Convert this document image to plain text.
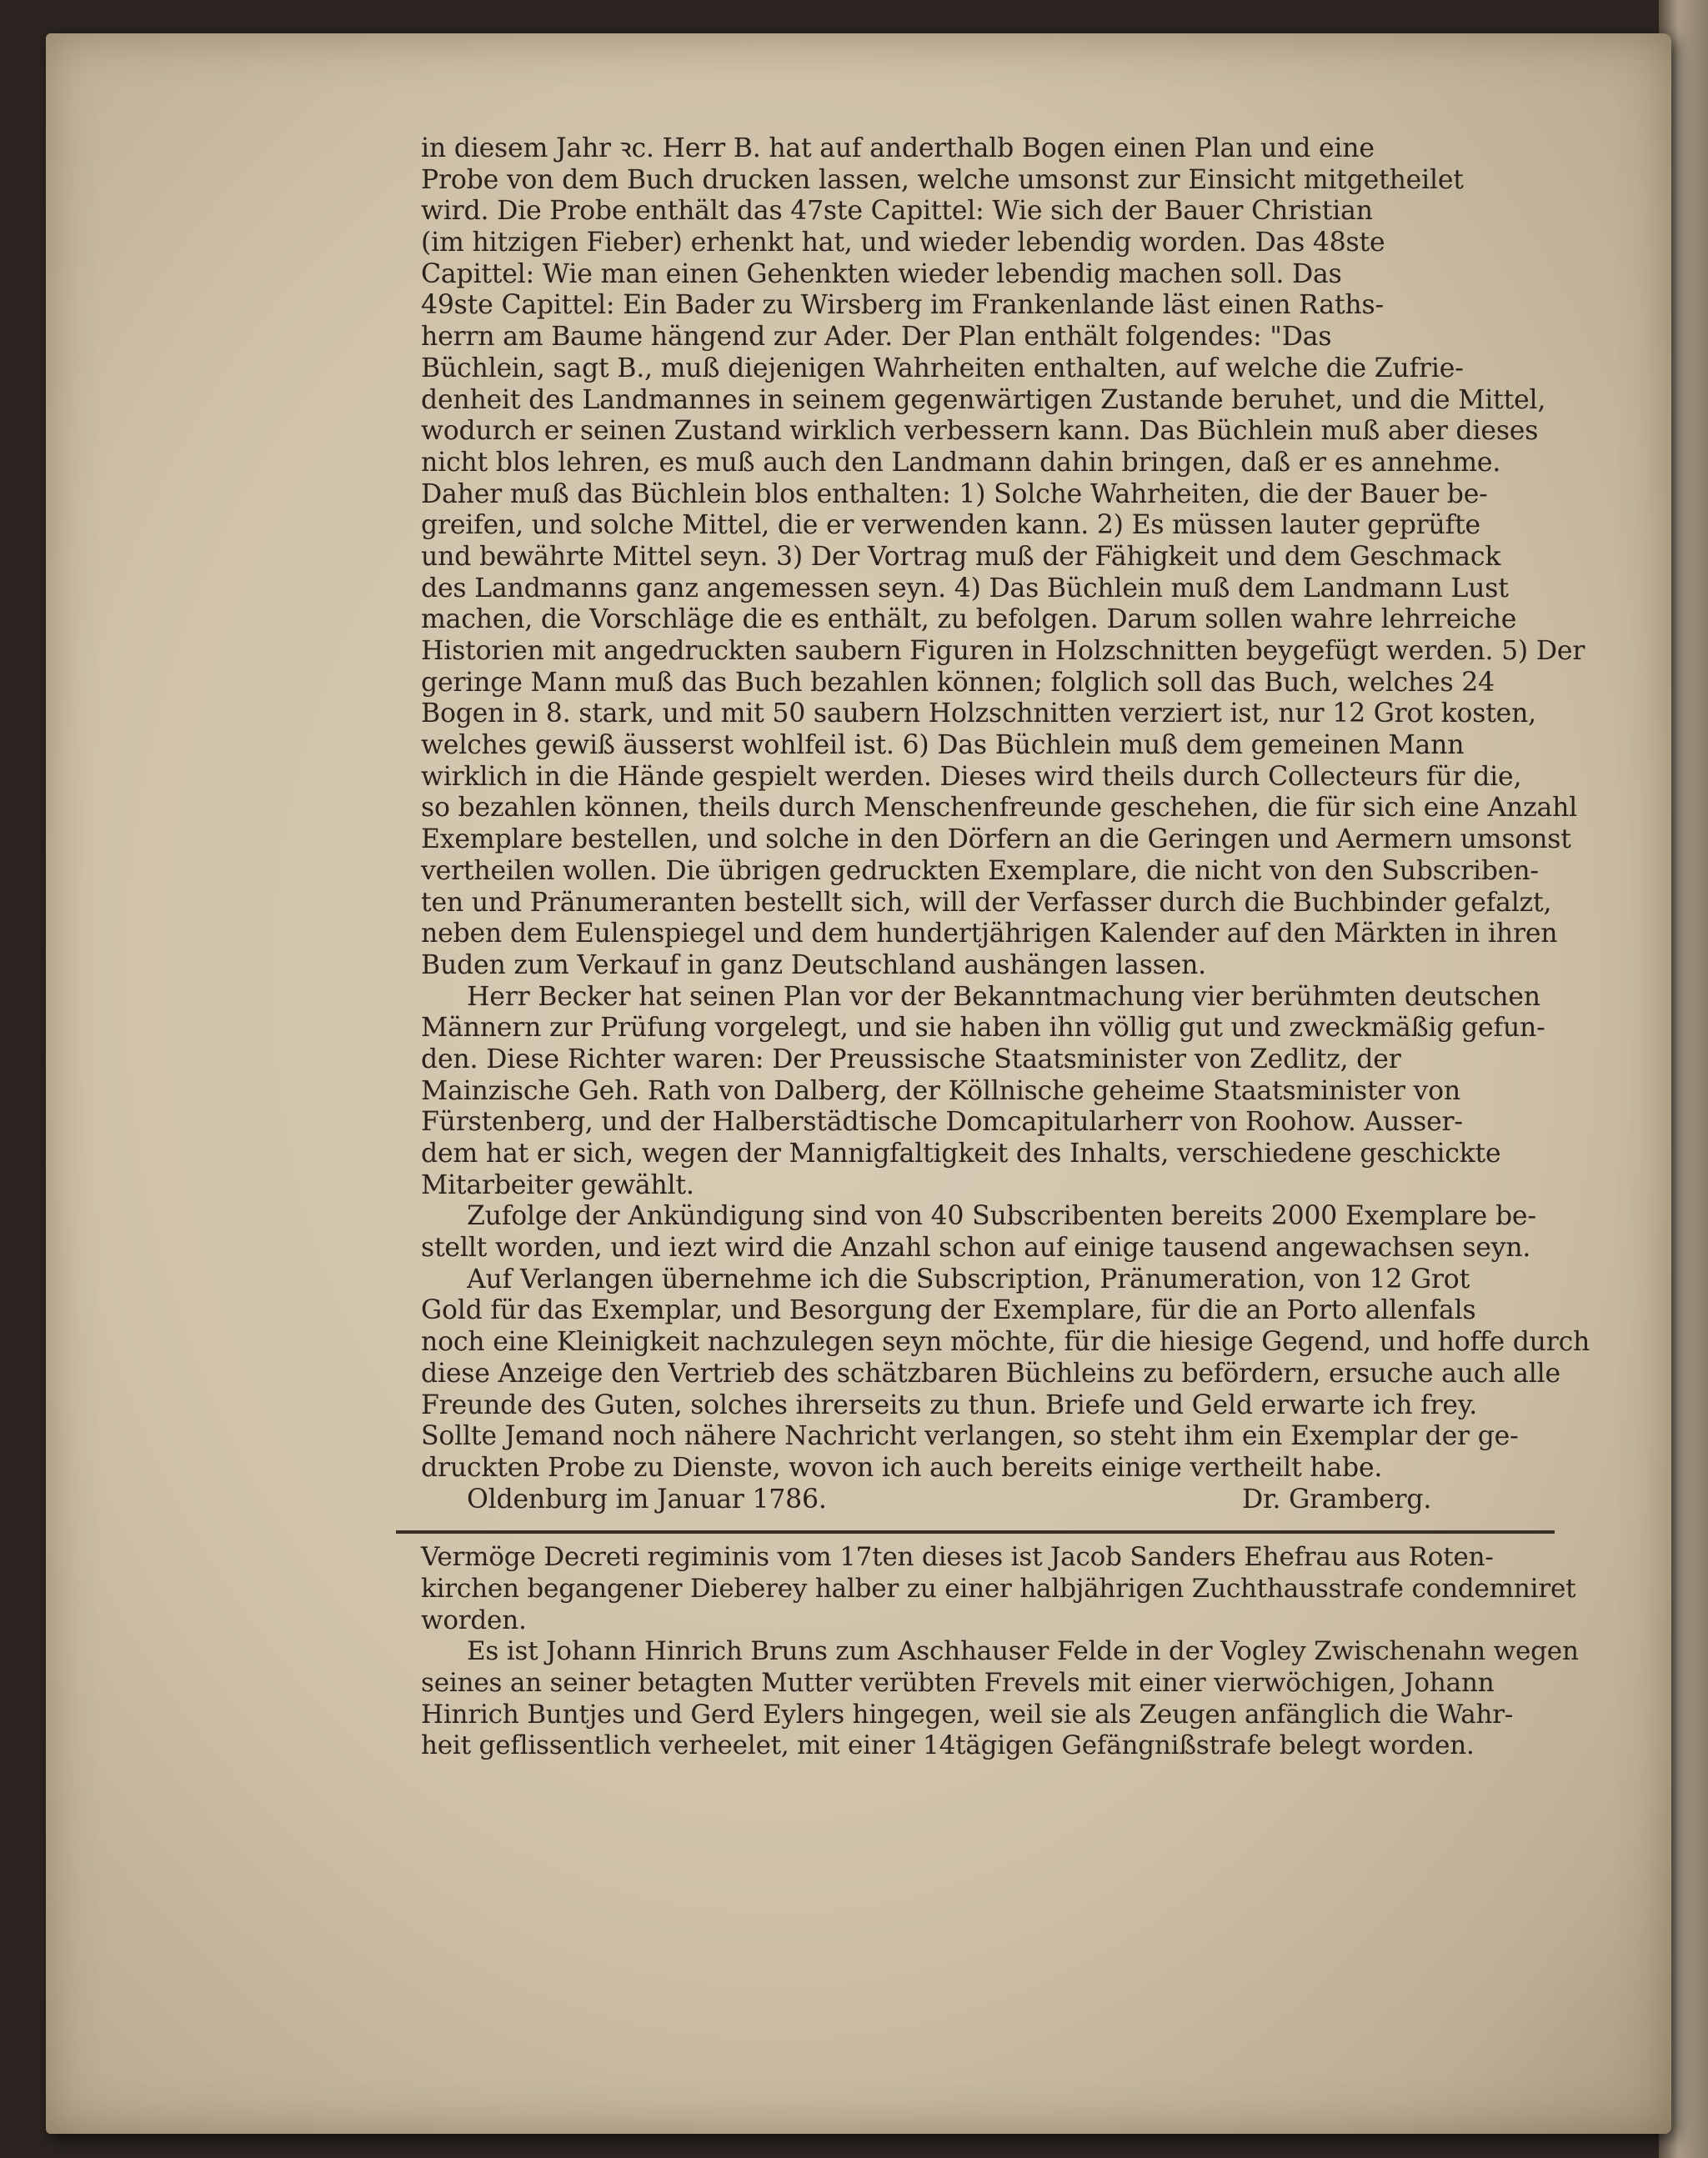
in diesem Jahr ꝛc. Herr B. hat auf anderthalb Bogen einen Plan und eine
Probe von dem Buch drucken lassen, welche umsonst zur Einsicht mitgetheilet
wird. Die Probe enthält das 47ste Capittel: Wie sich der Bauer Christian
(im hitzigen Fieber) erhenkt hat, und wieder lebendig worden. Das 48ste
Capittel: Wie man einen Gehenkten wieder lebendig machen soll. Das
49ste Capittel: Ein Bader zu Wirsberg im Frankenlande läst einen Raths-
herrn am Baume hängend zur Ader. Der Plan enthält folgendes: "Das
Büchlein, sagt B., muß diejenigen Wahrheiten enthalten, auf welche die Zufrie-
denheit des Landmannes in seinem gegenwärtigen Zustande beruhet, und die Mittel,
wodurch er seinen Zustand wirklich verbessern kann. Das Büchlein muß aber dieses
nicht blos lehren, es muß auch den Landmann dahin bringen, daß er es annehme.
Daher muß das Büchlein blos enthalten: 1) Solche Wahrheiten, die der Bauer be-
greifen, und solche Mittel, die er verwenden kann. 2) Es müssen lauter geprüfte
und bewährte Mittel seyn. 3) Der Vortrag muß der Fähigkeit und dem Geschmack
des Landmanns ganz angemessen seyn. 4) Das Büchlein muß dem Landmann Lust
machen, die Vorschläge die es enthält, zu befolgen. Darum sollen wahre lehrreiche
Historien mit angedruckten saubern Figuren in Holzschnitten beygefügt werden. 5) Der
geringe Mann muß das Buch bezahlen können; folglich soll das Buch, welches 24
Bogen in 8. stark, und mit 50 saubern Holzschnitten verziert ist, nur 12 Grot kosten,
welches gewiß äusserst wohlfeil ist. 6) Das Büchlein muß dem gemeinen Mann
wirklich in die Hände gespielt werden. Dieses wird theils durch Collecteurs für die,
so bezahlen können, theils durch Menschenfreunde geschehen, die für sich eine Anzahl
Exemplare bestellen, und solche in den Dörfern an die Geringen und Aermern umsonst
vertheilen wollen. Die übrigen gedruckten Exemplare, die nicht von den Subscriben-
ten und Pränumeranten bestellt sich, will der Verfasser durch die Buchbinder gefalzt,
neben dem Eulenspiegel und dem hundertjährigen Kalender auf den Märkten in ihren
Buden zum Verkauf in ganz Deutschland aushängen lassen.
Herr Becker hat seinen Plan vor der Bekanntmachung vier berühmten deutschen
Männern zur Prüfung vorgelegt, und sie haben ihn völlig gut und zweckmäßig gefun-
den. Diese Richter waren: Der Preussische Staatsminister von Zedlitz, der
Mainzische Geh. Rath von Dalberg, der Köllnische geheime Staatsminister von
Fürstenberg, und der Halberstädtische Domcapitularherr von Roohow. Ausser-
dem hat er sich, wegen der Mannigfaltigkeit des Inhalts, verschiedene geschickte
Mitarbeiter gewählt.
Zufolge der Ankündigung sind von 40 Subscribenten bereits 2000 Exemplare be-
stellt worden, und iezt wird die Anzahl schon auf einige tausend angewachsen seyn.
Auf Verlangen übernehme ich die Subscription, Pränumeration, von 12 Grot
Gold für das Exemplar, und Besorgung der Exemplare, für die an Porto allenfals
noch eine Kleinigkeit nachzulegen seyn möchte, für die hiesige Gegend, und hoffe durch
diese Anzeige den Vertrieb des schätzbaren Büchleins zu befördern, ersuche auch alle
Freunde des Guten, solches ihrerseits zu thun. Briefe und Geld erwarte ich frey.
Sollte Jemand noch nähere Nachricht verlangen, so steht ihm ein Exemplar der ge-
druckten Probe zu Dienste, wovon ich auch bereits einige vertheilt habe.
Oldenburg im Januar 1786.	Dr. Gramberg.
Vermöge Decreti regiminis vom 17ten dieses ist Jacob Sanders Ehefrau aus Roten-
kirchen begangener Dieberey halber zu einer halbjährigen Zuchthausstrafe condemniret
worden.
Es ist Johann Hinrich Bruns zum Aschhauser Felde in der Vogley Zwischenahn wegen
seines an seiner betagten Mutter verübten Frevels mit einer vierwöchigen, Johann
Hinrich Buntjes und Gerd Eylers hingegen, weil sie als Zeugen anfänglich die Wahr-
heit geflissentlich verheelet, mit einer 14tägigen Gefängnißstrafe belegt worden.
